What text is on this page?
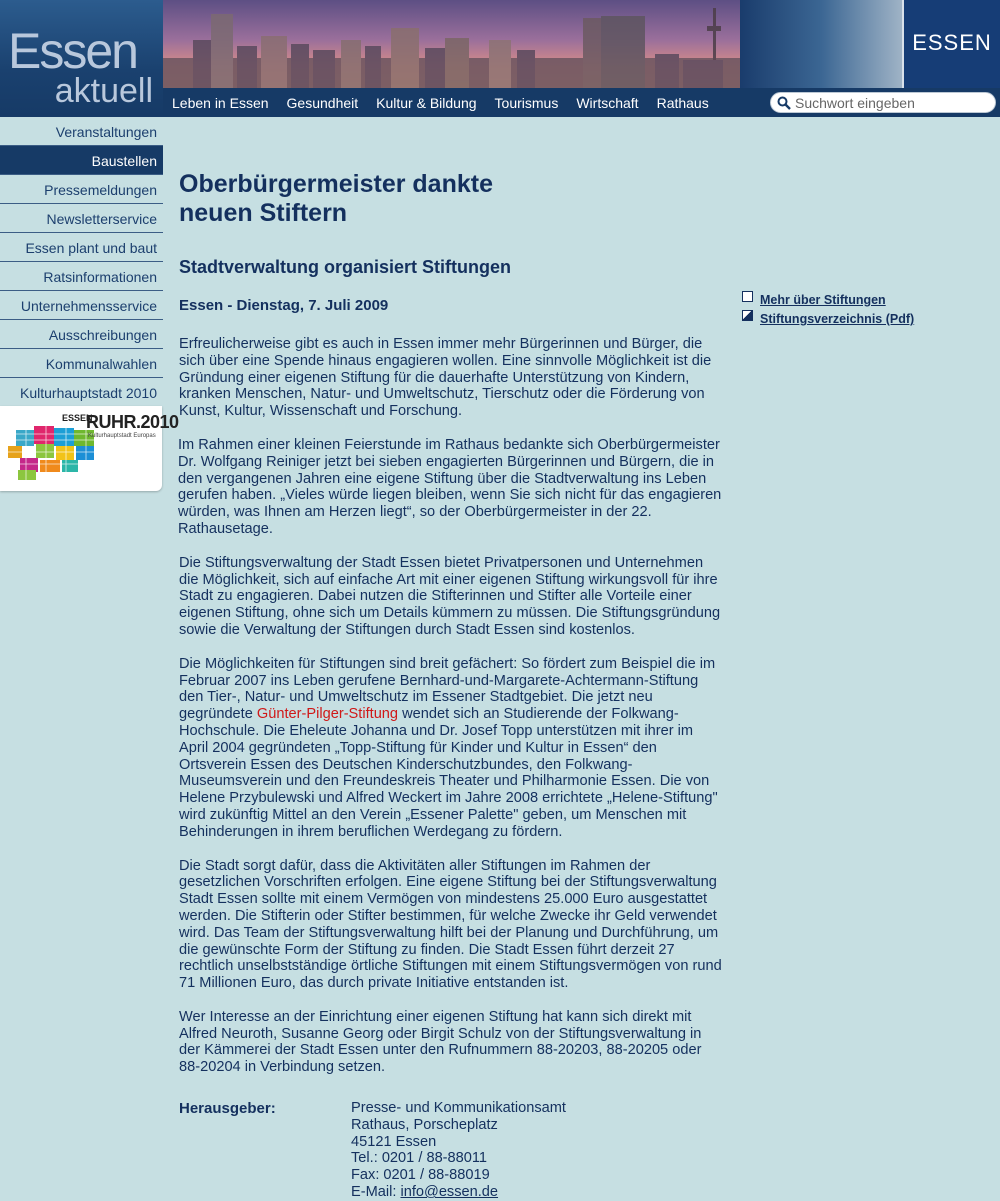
Essen
aktuell
ESSEN
Leben in Essen	Gesundheit	Kultur & Bildung	Tourismus	Wirtschaft	Rathaus
Suchwort eingeben
Veranstaltungen
Baustellen
Pressemeldungen
Newsletterservice
Essen plant und baut
Ratsinformationen
Unternehmensservice
Ausschreibungen
Kommunalwahlen
Kulturhauptstadt 2010
ESSEN
RUHR.2010
Kulturhauptstadt Europas
Oberbürgermeister dankte
neuen Stiftern
Stadtverwaltung organisiert Stiftungen

Essen - Dienstag, 7. Juli 2009

Erfreulicherweise gibt es auch in Essen immer mehr Bürgerinnen und Bürger, die sich über eine Spende hinaus engagieren wollen. Eine sinnvolle Möglichkeit ist die Gründung einer eigenen Stiftung für die dauerhafte Unterstützung von Kindern, kranken Menschen, Natur- und Umweltschutz, Tierschutz oder die Förderung von Kunst, Kultur, Wissenschaft und Forschung.

Im Rahmen einer kleinen Feierstunde im Rathaus bedankte sich Oberbürgermeister Dr. Wolfgang Reiniger jetzt bei sieben engagierten Bürgerinnen und Bürgern, die in den vergangenen Jahren eine eigene Stiftung über die Stadtverwaltung ins Leben gerufen haben. „Vieles würde liegen bleiben, wenn Sie sich nicht für das engagieren würden, was Ihnen am Herzen liegt“, so der Oberbürgermeister in der 22. Rathausetage.

Die Stiftungsverwaltung der Stadt Essen bietet Privatpersonen und Unternehmen die Möglichkeit, sich auf einfache Art mit einer eigenen Stiftung wirkungsvoll für ihre Stadt zu engagieren. Dabei nutzen die Stifterinnen und Stifter alle Vorteile einer eigenen Stiftung, ohne sich um Details kümmern zu müssen. Die Stiftungsgründung sowie die Verwaltung der Stiftungen durch Stadt Essen sind kostenlos.

Die Möglichkeiten für Stiftungen sind breit gefächert: So fördert zum Beispiel die im Februar 2007 ins Leben gerufene Bernhard-und-Margarete-Achtermann-Stiftung den Tier-, Natur- und Umweltschutz im Essener Stadtgebiet. Die jetzt neu gegründete Günter-Pilger-Stiftung wendet sich an Studierende der Folkwang-Hochschule. Die Eheleute Johanna und Dr. Josef Topp unterstützen mit ihrer im April 2004 gegründeten „Topp-Stiftung für Kinder und Kultur in Essen“ den Ortsverein Essen des Deutschen Kinderschutzbundes, den Folkwang-Museumsverein und den Freundeskreis Theater und Philharmonie Essen. Die von Helene Przybulewski und Alfred Weckert im Jahre 2008 errichtete „Helene-Stiftung" wird zukünftig Mittel an den Verein „Essener Palette" geben, um Menschen mit Behinderungen in ihrem beruflichen Werdegang zu fördern.

Die Stadt sorgt dafür, dass die Aktivitäten aller Stiftungen im Rahmen der gesetzlichen Vorschriften erfolgen. Eine eigene Stiftung bei der Stiftungsverwaltung Stadt Essen sollte mit einem Vermögen von mindestens 25.000 Euro ausgestattet werden. Die Stifterin oder Stifter bestimmen, für welche Zwecke ihr Geld verwendet wird. Das Team der Stiftungsverwaltung hilft bei der Planung und Durchführung, um die gewünschte Form der Stiftung zu finden. Die Stadt Essen führt derzeit 27 rechtlich unselbstständige örtliche Stiftungen mit einem Stiftungsvermögen von rund 71 Millionen Euro, das durch private Initiative entstanden ist.

Wer Interesse an der Einrichtung einer eigenen Stiftung hat kann sich direkt mit Alfred Neuroth, Susanne Georg oder Birgit Schulz von der Stiftungsverwaltung in der Kämmerei der Stadt Essen unter den Rufnummern 88-20203, 88-20205 oder 88-20204 in Verbindung setzen.

Herausgeber:	Presse- und Kommunikationsamt
Rathaus, Porscheplatz
45121 Essen
Tel.: 0201 / 88-88011
Fax: 0201 / 88-88019
E-Mail: info@essen.de
Mehr über Stiftungen
Stiftungsverzeichnis (Pdf)
